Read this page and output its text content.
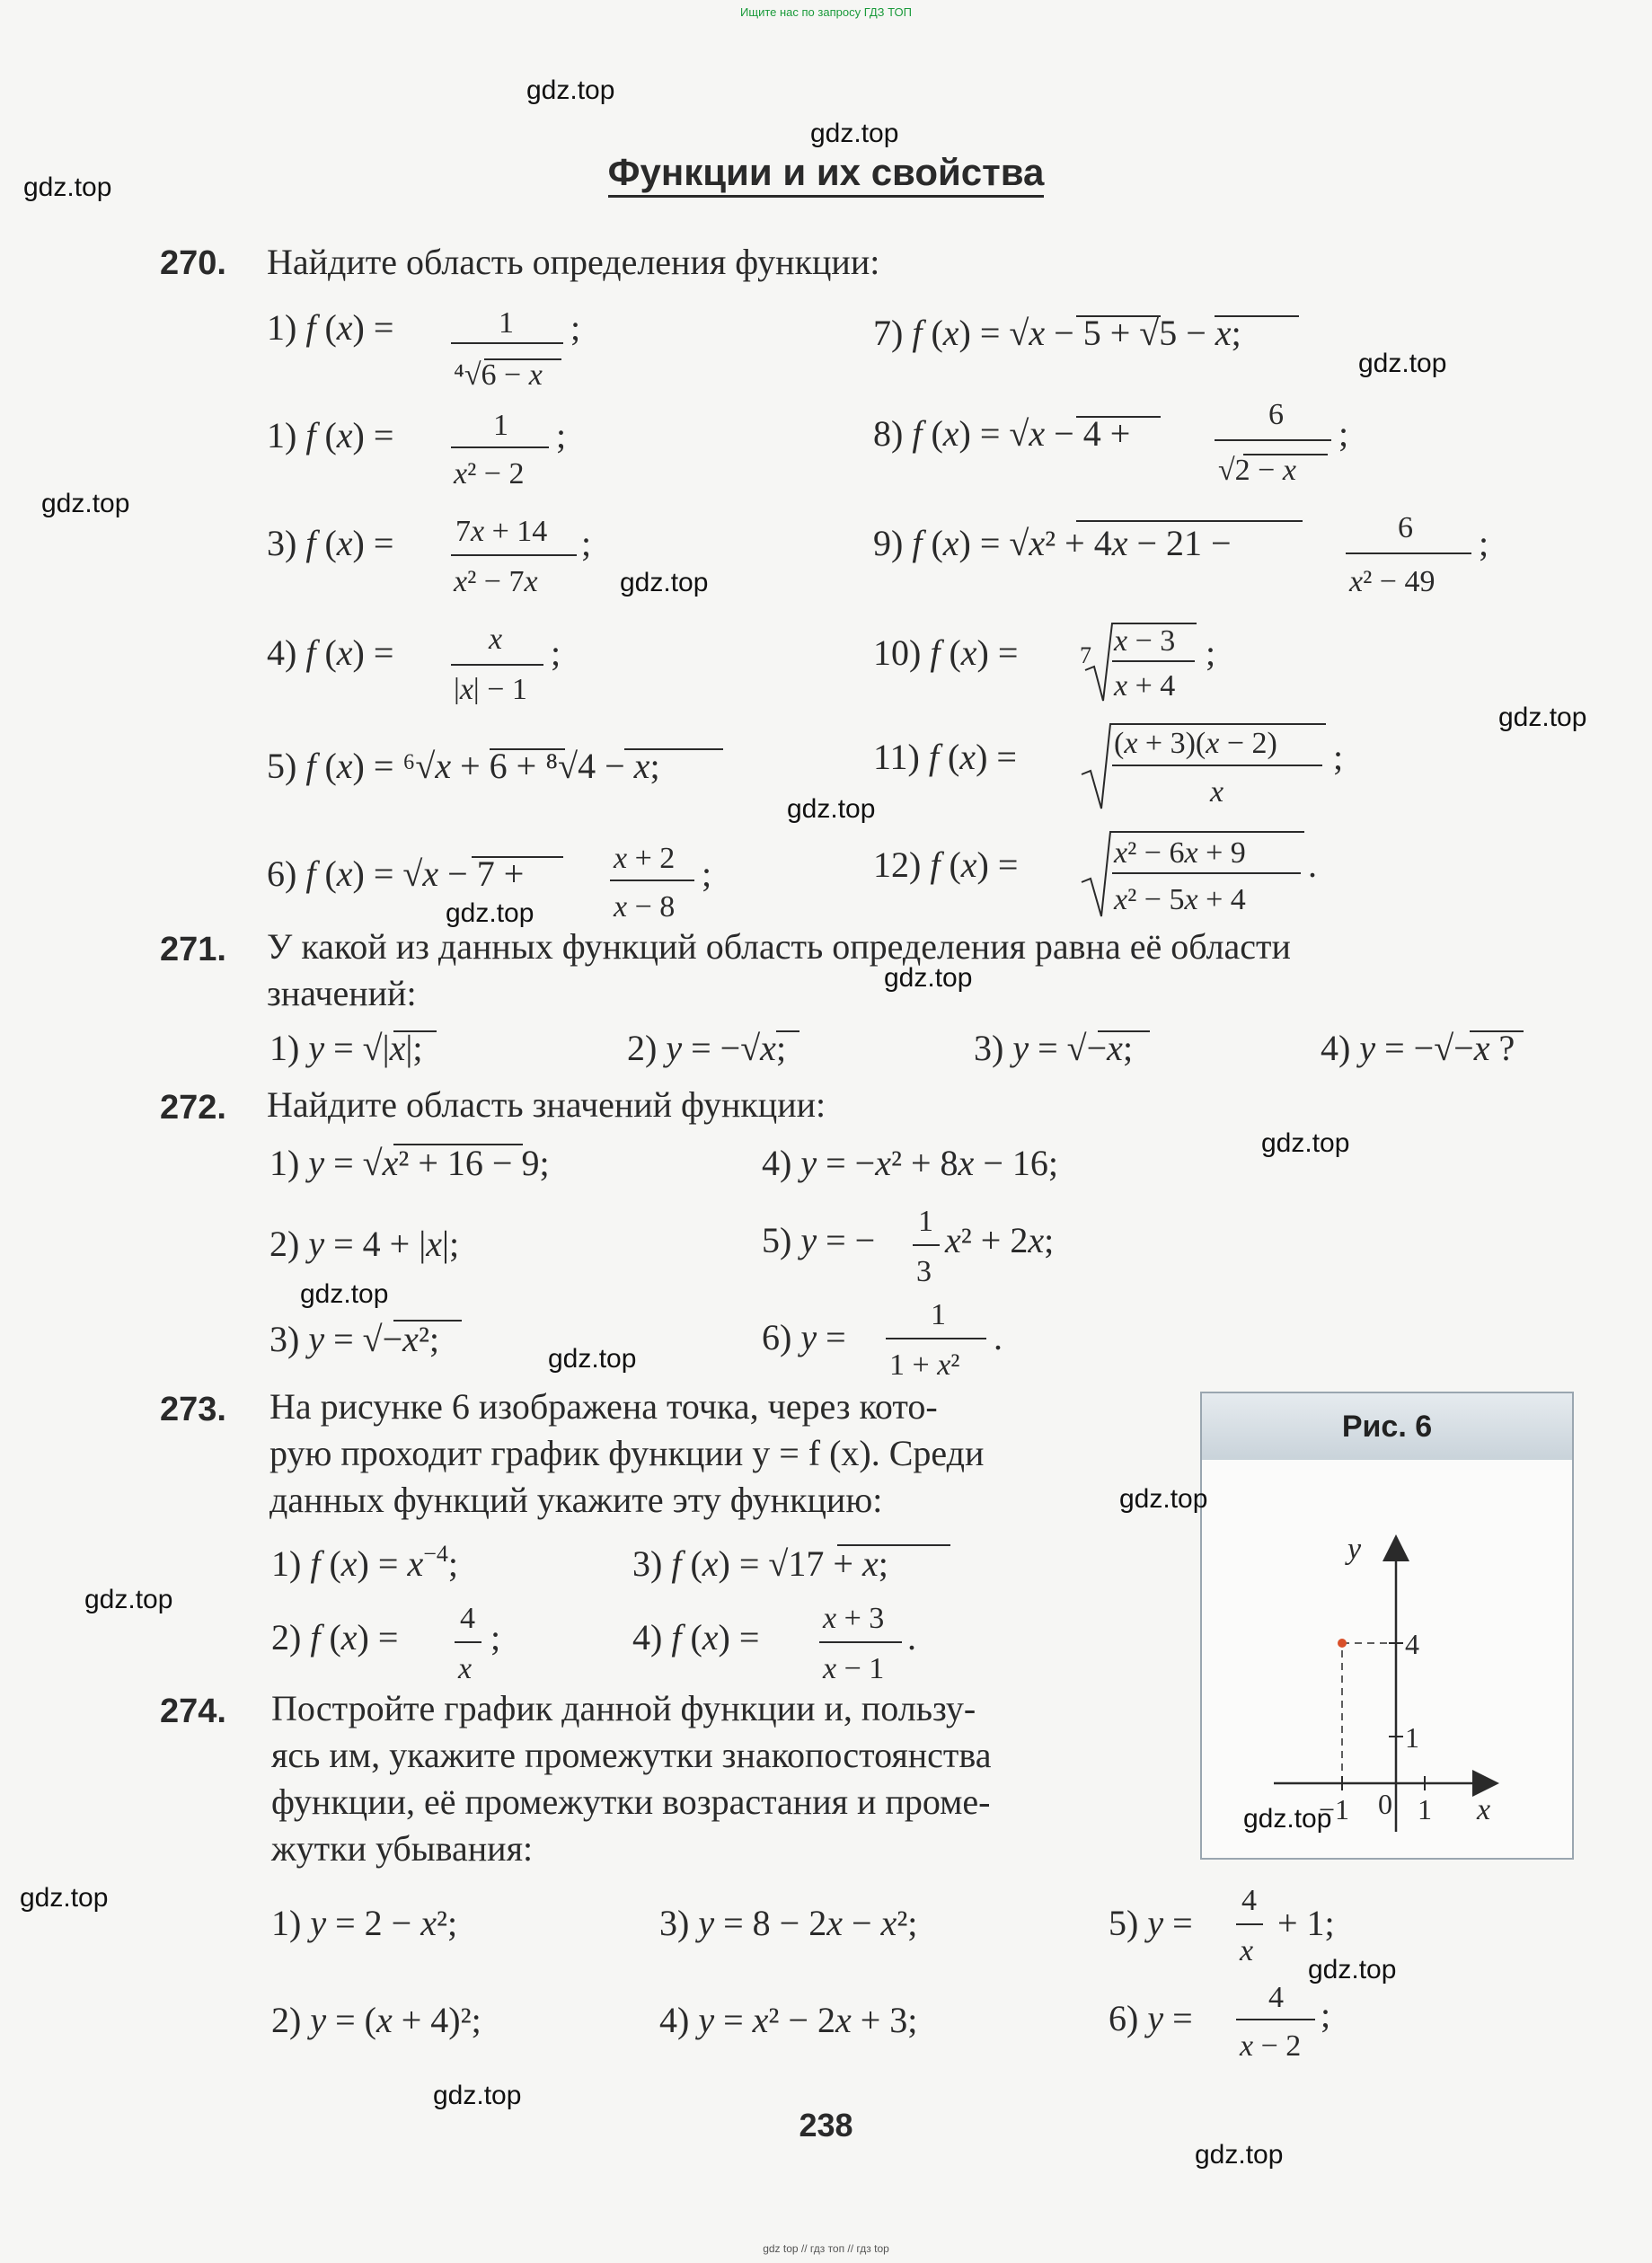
Ищите нас по запросу ГДЗ ТОП
Функции и их свойства
270. Найдите область определения функции:
1) f (x) =	1
⁴√6 − x
;
1) f (x) =	1
x² − 2
;
3) f (x) = 7x + 14
x² − 7x
;
4) f (x) =	x
|x| − 1
;
5) f (x) = ⁶√x + 6 + ⁸√4 − x;
6) f (x) = √x − 7 +	x + 2
x − 8
;
7) f (x) = √x − 5 + √5 − x;
8) f (x) = √x − 4 +	6
√2 − x
;
9) f (x) = √x² + 4x − 21 −	6
x² − 49
;
10) f (x) =	7 x − 3
x + 4
;
11) f (x) =	(x + 3)(x − 2)
x
;
12) f (x) =	x² − 6x + 9
x² − 5x + 4
.
271. У какой из данных функций область определения равна её области
значений:
1) y = √|x|;	2) y = −√x;	3) y = √−x;	4) y = −√−x ?
272. Найдите область значений функции:
1) y = √x² + 16 − 9;
2) y = 4 + |x|;
3) y = √−x²;
4) y = −x² + 8x − 16;
5) y = − 1
3
x² + 2x;
6) y =
1
1 + x²
.
273. На рисунке 6 изображена точка, через кото-
рую проходит график функции y = f (x). Среди
данных функций укажите эту функцию:
1) f $(x) = x^{-4}$;
2) f (x) = 4
x
;
3) f (x) = √17 + x;
4) f (x) = x + 3
x − 1
.
Рис. 6
y
x
4
1
−1 0 1
274. Постройте график данной функции и, пользу-
ясь им, укажите промежутки знакопостоянства
функции, её промежутки возрастания и проме-
жутки убывания:
1) y = 2 − x²;
2) y = (x + 4)²;
3) y = 8 − 2x − x²;
4) y = x² − 2x + 3;
5) y =
4
x
+ 1;
6) y =
4
x − 2
;
238
gdz.top
gdz.top
gdz.top
gdz.top
gdz.top
gdz.top
gdz.top
gdz.top
gdz.top
gdz.top
gdz.top
gdz.top
gdz.top
gdz.top
gdz.top
gdz.top
gdz.top
gdz.top
gdz.top
gdz.top
gdz top // гдз топ // гдз top
